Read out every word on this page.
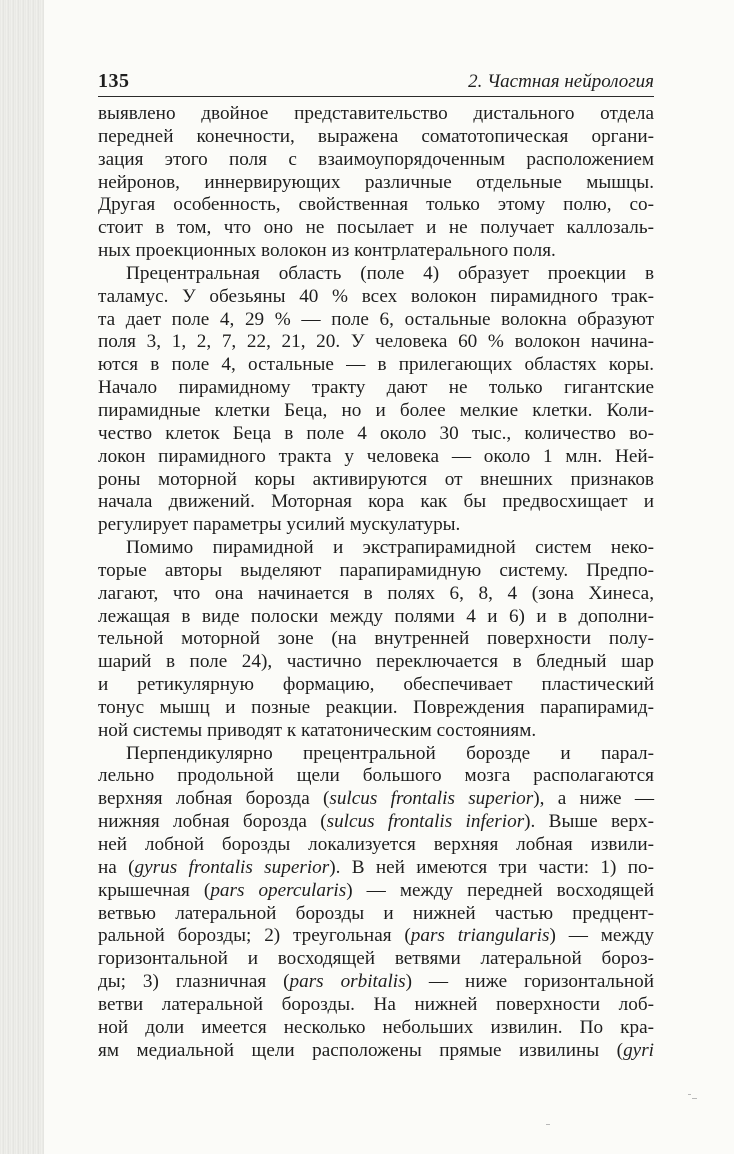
135	2. Частная нейрология
выявлено двойное представительство дистального отдела
передней конечности, выражена соматотопическая органи-
зация этого поля с взаимоупорядоченным расположением
нейронов, иннервирующих различные отдельные мышцы.
Другая особенность, свойственная только этому полю, со-
стоит в том, что оно не посылает и не получает каллозаль-
ных проекционных волокон из контрлатерального поля.
Прецентральная область (поле 4) образует проекции в
таламус. У обезьяны 40 % всех волокон пирамидного трак-
та дает поле 4, 29 % — поле 6, остальные волокна образуют
поля 3, 1, 2, 7, 22, 21, 20. У человека 60 % волокон начина-
ются в поле 4, остальные — в прилегающих областях коры.
Начало пирамидному тракту дают не только гигантские
пирамидные клетки Беца, но и более мелкие клетки. Коли-
чество клеток Беца в поле 4 около 30 тыс., количество во-
локон пирамидного тракта у человека — около 1 млн. Ней-
роны моторной коры активируются от внешних признаков
начала движений. Моторная кора как бы предвосхищает и
регулирует параметры усилий мускулатуры.
Помимо пирамидной и экстрапирамидной систем неко-
торые авторы выделяют парапирамидную систему. Предпо-
лагают, что она начинается в полях 6, 8, 4 (зона Хинеса,
лежащая в виде полоски между полями 4 и 6) и в дополни-
тельной моторной зоне (на внутренней поверхности полу-
шарий в поле 24), частично переключается в бледный шар
и ретикулярную формацию, обеспечивает пластический
тонус мышц и позные реакции. Повреждения парапирамид-
ной системы приводят к кататоническим состояниям.
Перпендикулярно прецентральной борозде и парал-
лельно продольной щели большого мозга располагаются
верхняя лобная борозда (sulcus frontalis superior), а ниже —
нижняя лобная борозда (sulcus frontalis inferior). Выше верх-
ней лобной борозды локализуется верхняя лобная извили-
на (gyrus frontalis superior). В ней имеются три части: 1) по-
крышечная (pars opercularis) — между передней восходящей
ветвью латеральной борозды и нижней частью предцент-
ральной борозды; 2) треугольная (pars triangularis) — между
горизонтальной и восходящей ветвями латеральной бороз-
ды; 3) глазничная (pars orbitalis) — ниже горизонтальной
ветви латеральной борозды. На нижней поверхности лоб-
ной доли имеется несколько небольших извилин. По кра-
ям медиальной щели расположены прямые извилины (gyri
